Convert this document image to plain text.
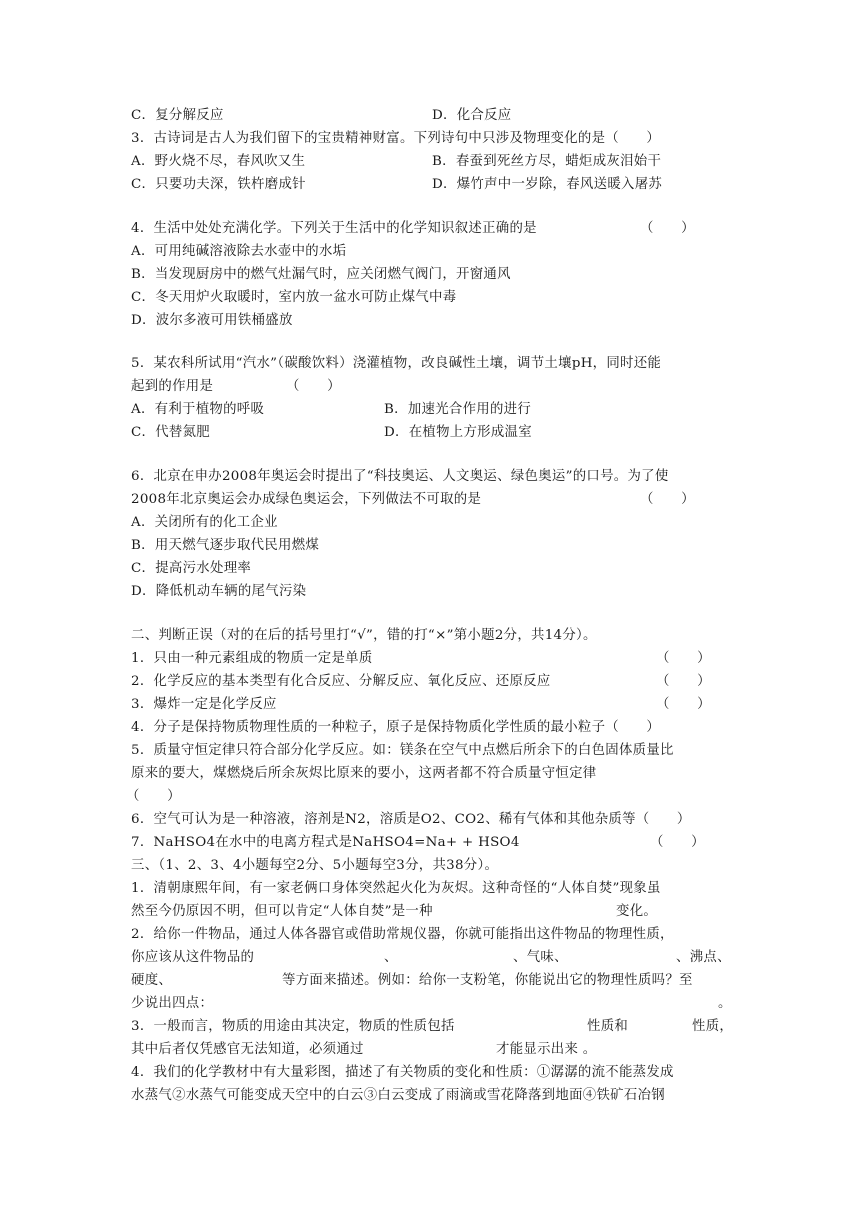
C．复分解反应	D．化合反应
3．古诗词是古人为我们留下的宝贵精神财富。下列诗句中只涉及物理变化的是（　　）
A．野火烧不尽，春风吹又生	B．春蚕到死丝方尽，蜡炬成灰泪始干
C．只要功夫深，铁杵磨成针	D．爆竹声中一岁除，春风送暖入屠苏
4．生活中处处充满化学。下列关于生活中的化学知识叙述正确的是	（　　）
A．可用纯碱溶液除去水壶中的水垢
B．当发现厨房中的燃气灶漏气时，应关闭燃气阀门，开窗通风
C．冬天用炉火取暖时，室内放一盆水可防止煤气中毒
D．波尔多液可用铁桶盛放
5．某农科所试用“汽水”（碳酸饮料）浇灌植物，改良碱性土壤，调节土壤pH，同时还能
起到的作用是	（　　）
A．有利于植物的呼吸	B．加速光合作用的进行
C．代替氮肥	D．在植物上方形成温室
6．北京在申办2008年奥运会时提出了“科技奥运、人文奥运、绿色奥运”的口号。为了使
2008年北京奥运会办成绿色奥运会，下列做法不可取的是	（　　）
A．关闭所有的化工企业
B．用天燃气逐步取代民用燃煤
C．提高污水处理率
D．降低机动车辆的尾气污染
二、判断正误（对的在后的括号里打“√”，错的打“×”第小题2分，共14分）。
1．只由一种元素组成的物质一定是单质	（　　）
2．化学反应的基本类型有化合反应、分解反应、氧化反应、还原反应	（　　）
3．爆炸一定是化学反应	（　　）
4．分子是保持物质物理性质的一种粒子，原子是保持物质化学性质的最小粒子（　　）
5．质量守恒定律只符合部分化学反应。如：镁条在空气中点燃后所余下的白色固体质量比
原来的要大，煤燃烧后所余灰烬比原来的要小，这两者都不符合质量守恒定律
（　　）
6．空气可认为是一种溶液，溶剂是N2，溶质是O2、CO2、稀有气体和其他杂质等（　　）
7．NaHSO4在水中的电离方程式是NaHSO4=Na+ + HSO4	（　　）
三、（1、2、3、4小题每空2分、5小题每空3分，共38分）。
1．清朝康熙年间，有一家老俩口身体突然起火化为灰烬。这种奇怪的“人体自焚”现象虽
然至今仍原因不明，但可以肯定“人体自焚”是一种	变化。
2．给你一件物品，通过人体各器官或借助常规仪器，你就可能指出这件物品的物理性质，
你应该从这件物品的	、	、气味、	、沸点、
硬度、	等方面来描述。例如：给你一支粉笔，你能说出它的物理性质吗？至
少说出四点：	。
3．一般而言，物质的用途由其决定，物质的性质包括	性质和	性质，
其中后者仅凭感官无法知道，必须通过	才能显示出来 。
4．我们的化学教材中有大量彩图，描述了有关物质的变化和性质：①潺潺的流不能蒸发成
水蒸气②水蒸气可能变成天空中的白云③白云变成了雨滴或雪花降落到地面④铁矿石冶钢
